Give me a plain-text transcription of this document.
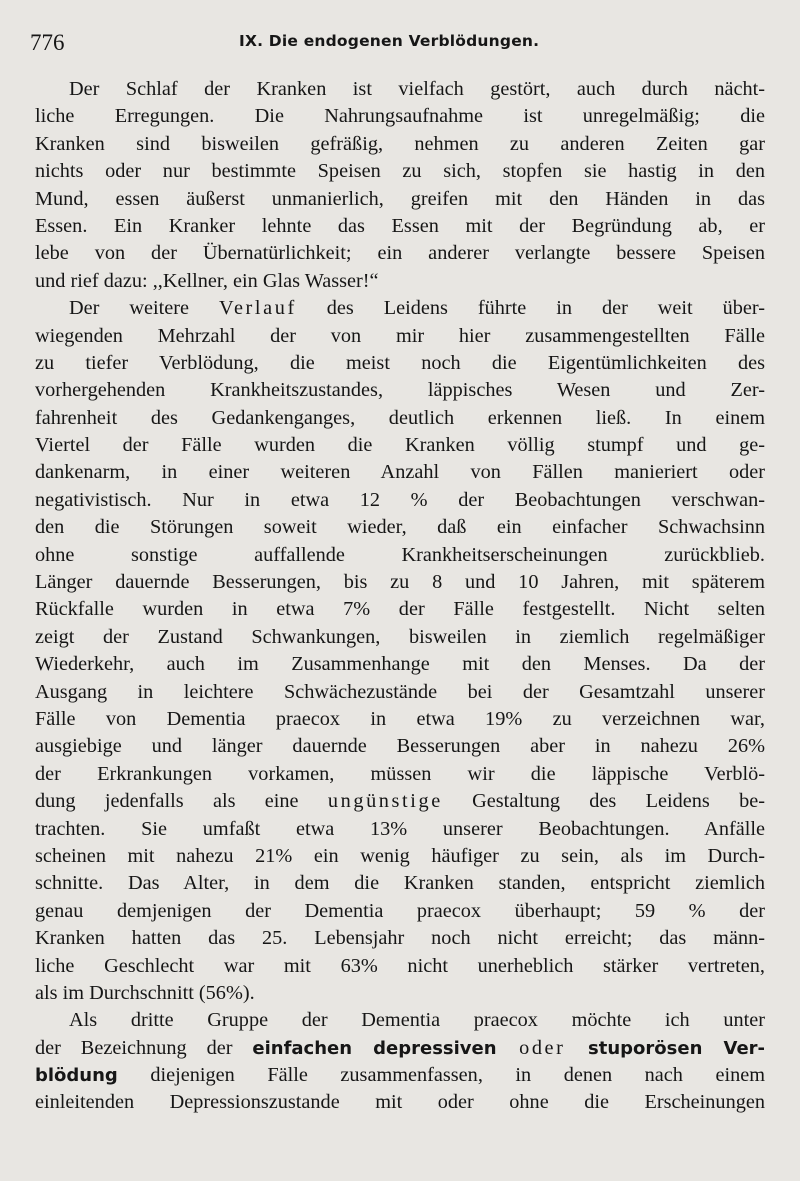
776	IX. Die endogenen Verblödungen.
Der Schlaf der Kranken ist vielfach gestört, auch durch nächt-
liche Erregungen. Die Nahrungsaufnahme ist unregelmäßig; die
Kranken sind bisweilen gefräßig, nehmen zu anderen Zeiten gar
nichts oder nur bestimmte Speisen zu sich, stopfen sie hastig in den
Mund, essen äußerst unmanierlich, greifen mit den Händen in das
Essen. Ein Kranker lehnte das Essen mit der Begründung ab, er
lebe von der Übernatürlichkeit; ein anderer verlangte bessere Speisen
und rief dazu: ,,Kellner, ein Glas Wasser!“
Der weitere Verlauf des Leidens führte in der weit über-
wiegenden Mehrzahl der von mir hier zusammengestellten Fälle
zu tiefer Verblödung, die meist noch die Eigentümlichkeiten des
vorhergehenden Krankheitszustandes, läppisches Wesen und Zer-
fahrenheit des Gedankenganges, deutlich erkennen ließ. In einem
Viertel der Fälle wurden die Kranken völlig stumpf und ge-
dankenarm, in einer weiteren Anzahl von Fällen manieriert oder
negativistisch. Nur in etwa 12 % der Beobachtungen verschwan-
den die Störungen soweit wieder, daß ein einfacher Schwachsinn
ohne sonstige auffallende Krankheitserscheinungen zurückblieb.
Länger dauernde Besserungen, bis zu 8 und 10 Jahren, mit späterem
Rückfalle wurden in etwa 7% der Fälle festgestellt. Nicht selten
zeigt der Zustand Schwankungen, bisweilen in ziemlich regelmäßiger
Wiederkehr, auch im Zusammenhange mit den Menses. Da der
Ausgang in leichtere Schwächezustände bei der Gesamtzahl unserer
Fälle von Dementia praecox in etwa 19% zu verzeichnen war,
ausgiebige und länger dauernde Besserungen aber in nahezu 26%
der Erkrankungen vorkamen, müssen wir die läppische Verblö-
dung jedenfalls als eine ungünstige Gestaltung des Leidens be-
trachten. Sie umfaßt etwa 13% unserer Beobachtungen. Anfälle
scheinen mit nahezu 21% ein wenig häufiger zu sein, als im Durch-
schnitte. Das Alter, in dem die Kranken standen, entspricht ziemlich
genau demjenigen der Dementia praecox überhaupt; 59 % der
Kranken hatten das 25. Lebensjahr noch nicht erreicht; das männ-
liche Geschlecht war mit 63% nicht unerheblich stärker vertreten,
als im Durchschnitt (56%).
Als dritte Gruppe der Dementia praecox möchte ich unter
der Bezeichnung der einfachen depressiven oder stuporösen Ver-
blödung diejenigen Fälle zusammenfassen, in denen nach einem
einleitenden Depressionszustande mit oder ohne die Erscheinungen
